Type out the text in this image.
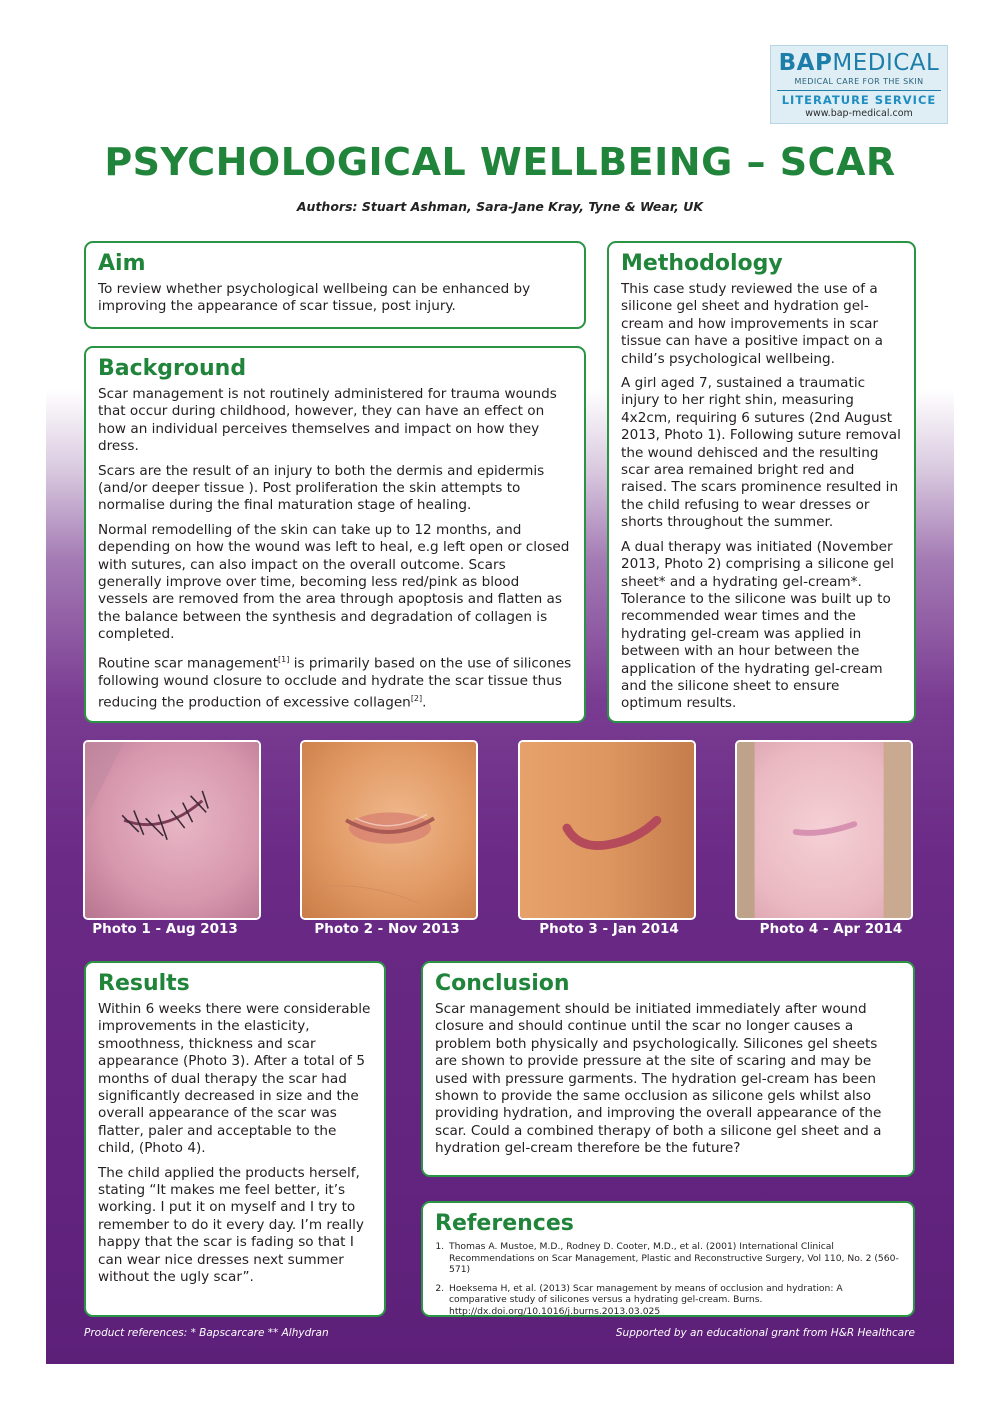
BAPMEDICAL
MEDICAL CARE FOR THE SKIN
LITERATURE SERVICE
www.bap-medical.com
PSYCHOLOGICAL WELLBEING – SCAR
Authors: Stuart Ashman, Sara-Jane Kray, Tyne & Wear, UK
Aim

To review whether psychological wellbeing can be enhanced by improving the appearance of scar tissue, post injury.

Background

Scar management is not routinely administered for trauma wounds that occur during childhood, however, they can have an effect on how an individual perceives themselves and impact on how they dress.

Scars are the result of an injury to both the dermis and epidermis (and/or deeper tissue ). Post proliferation the skin attempts to normalise during the final maturation stage of healing.

Normal remodelling of the skin can take up to 12 months, and depending on how the wound was left to heal, e.g left open or closed with sutures, can also impact on the overall outcome. Scars generally improve over time, becoming less red/pink as blood vessels are removed from the area through apoptosis and flatten as the balance between the synthesis and degradation of collagen is completed.

Routine scar management[1] is primarily based on the use of silicones following wound closure to occlude and hydrate the scar tissue thus reducing the production of excessive collagen[2].

Methodology

This case study reviewed the use of a silicone gel sheet and hydration gel-cream and how improvements in scar tissue can have a positive impact on a child’s psychological wellbeing.

A girl aged 7, sustained a traumatic injury to her right shin, measuring 4x2cm, requiring 6 sutures (2nd August 2013, Photo 1). Following suture removal the wound dehisced and the resulting scar area remained bright red and raised. The scars prominence resulted in the child refusing to wear dresses or shorts throughout the summer.

A dual therapy was initiated (November 2013, Photo 2) comprising a silicone gel sheet* and a hydrating gel-cream*. Tolerance to the silicone was built up to recommended wear times and the hydrating gel-cream was applied in between with an hour between the application of the hydrating gel-cream and the silicone sheet to ensure optimum results.

Photo 1 - Aug 2013	Photo 2 - Nov 2013	Photo 3 - Jan 2014	Photo 4 - Apr 2014
Results

Within 6 weeks there were considerable improvements in the elasticity, smoothness, thickness and scar appearance (Photo 3). After a total of 5 months of dual therapy the scar had significantly decreased in size and the overall appearance of the scar was flatter, paler and acceptable to the child, (Photo 4).

The child applied the products herself, stating “It makes me feel better, it’s working. I put it on myself and I try to remember to do it every day. I’m really happy that the scar is fading so that I can wear nice dresses next summer without the ugly scar”.

Conclusion

Scar management should be initiated immediately after wound closure and should continue until the scar no longer causes a problem both physically and psychologically. Silicones gel sheets are shown to provide pressure at the site of scaring and may be used with pressure garments. The hydration gel-cream has been shown to provide the same occlusion as silicone gels whilst also providing hydration, and improving the overall appearance of the scar. Could a combined therapy of both a silicone gel sheet and a hydration gel-cream therefore be the future?

References
1. Thomas A. Mustoe, M.D., Rodney D. Cooter, M.D., et al. (2001) International Clinical Recommendations on Scar Management, Plastic and Reconstructive Surgery, Vol 110, No. 2 (560-571)
2. Hoeksema H, et al. (2013) Scar management by means of occlusion and hydration: A comparative study of silicones versus a hydrating gel-cream. Burns. http://dx.doi.org/10.1016/j.burns.2013.03.025
Product references: * Bapscarcare ** Alhydran	Supported by an educational grant from H&R Healthcare
